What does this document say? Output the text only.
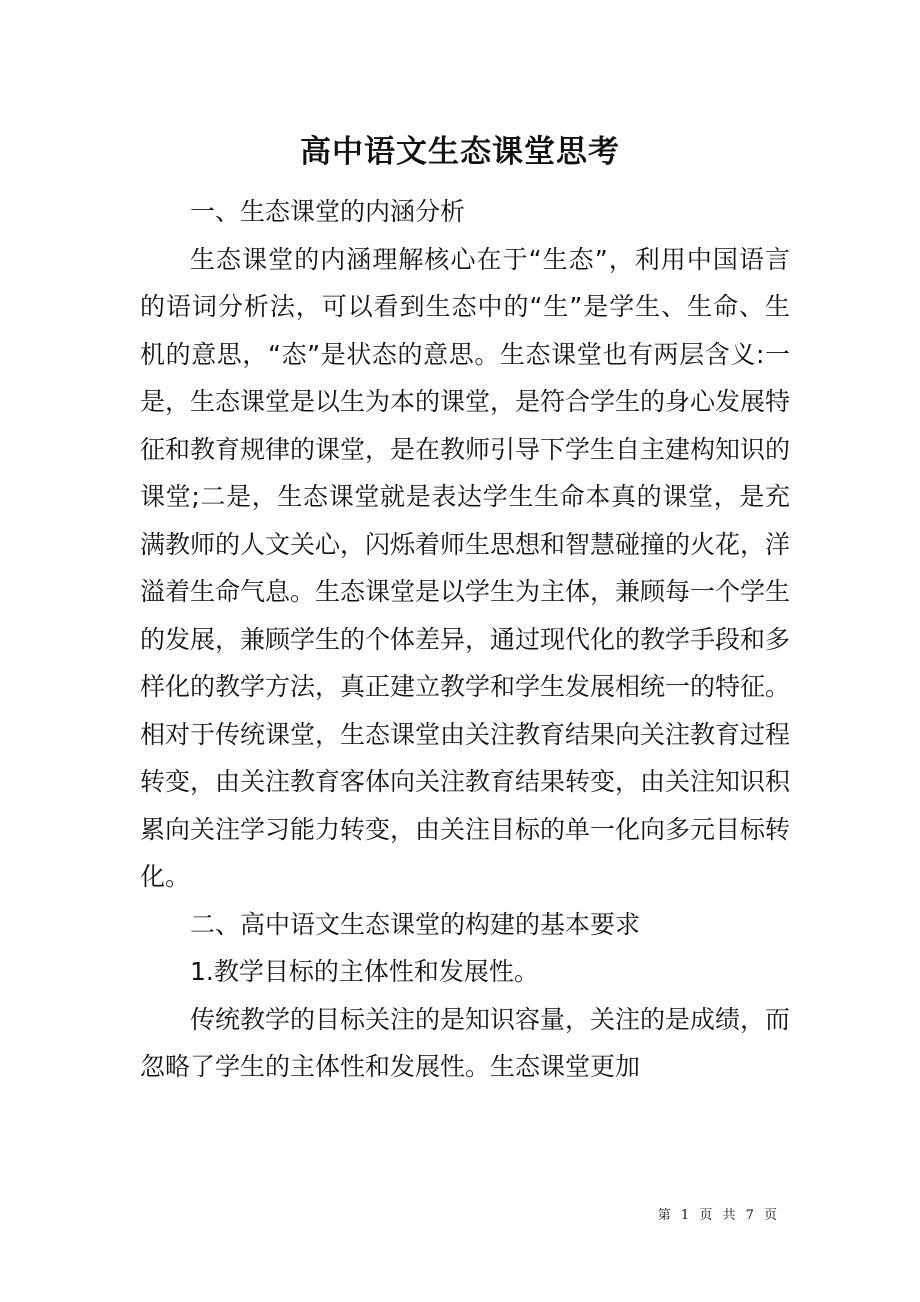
高中语文生态课堂思考

一、生态课堂的内涵分析

生态课堂的内涵理解核心在于“生态”，利用中国语言的语词分析法，可以看到生态中的“生”是学生、生命、生机的意思，“态”是状态的意思。生态课堂也有两层含义:一是，生态课堂是以生为本的课堂，是符合学生的身心发展特征和教育规律的课堂，是在教师引导下学生自主建构知识的课堂;二是，生态课堂就是表达学生生命本真的课堂，是充满教师的人文关心，闪烁着师生思想和智慧碰撞的火花，洋溢着生命气息。生态课堂是以学生为主体，兼顾每一个学生的发展，兼顾学生的个体差异，通过现代化的教学手段和多样化的教学方法，真正建立教学和学生发展相统一的特征。相对于传统课堂，生态课堂由关注教育结果向关注教育过程转变，由关注教育客体向关注教育结果转变，由关注知识积累向关注学习能力转变，由关注目标的单一化向多元目标转化。

二、高中语文生态课堂的构建的基本要求

1.教学目标的主体性和发展性。

传统教学的目标关注的是知识容量，关注的是成绩，而忽略了学生的主体性和发展性。生态课堂更加

第 1 页 共 7 页
